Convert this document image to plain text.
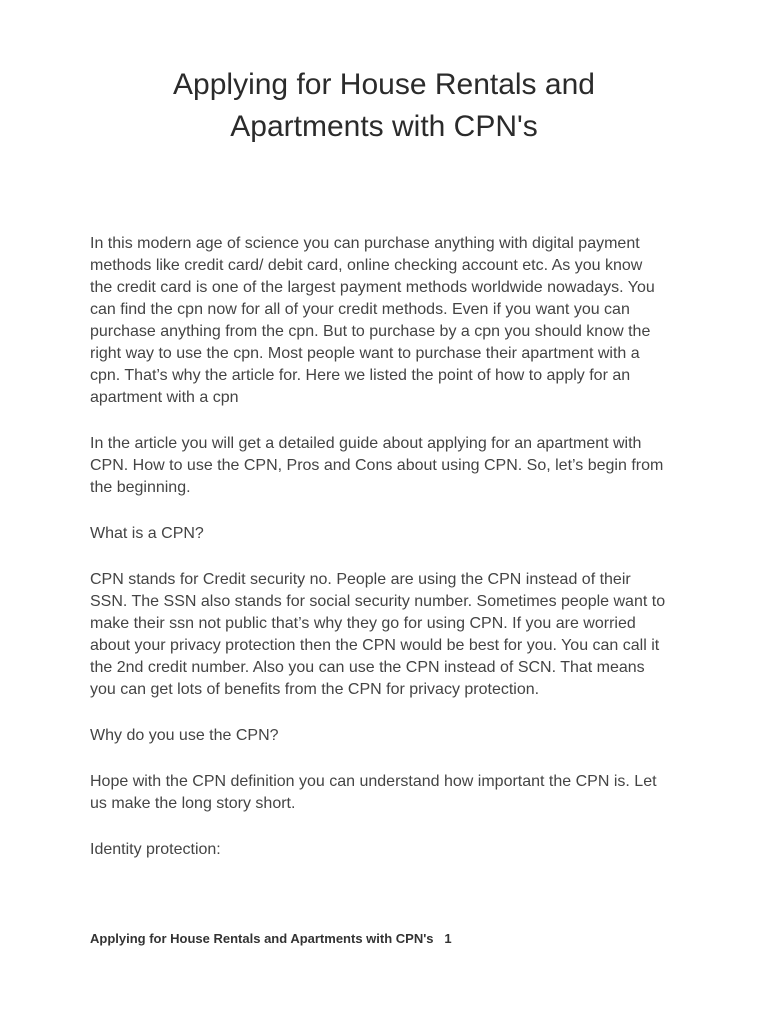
Applying for House Rentals and
Apartments with CPN's

In this modern age of science you can purchase anything with digital payment
methods like credit card/ debit card, online checking account etc. As you know
the credit card is one of the largest payment methods worldwide nowadays. You
can find the cpn now for all of your credit methods. Even if you want you can
purchase anything from the cpn. But to purchase by a cpn you should know the
right way to use the cpn. Most people want to purchase their apartment with a
cpn. That’s why the article for. Here we listed the point of how to apply for an
apartment with a cpn

In the article you will get a detailed guide about applying for an apartment with
CPN. How to use the CPN, Pros and Cons about using CPN. So, let’s begin from
the beginning.

What is a CPN?

CPN stands for Credit security no. People are using the CPN instead of their
SSN. The SSN also stands for social security number. Sometimes people want to
make their ssn not public that’s why they go for using CPN. If you are worried
about your privacy protection then the CPN would be best for you. You can call it
the 2nd credit number. Also you can use the CPN instead of SCN. That means
you can get lots of benefits from the CPN for privacy protection.

Why do you use the CPN?

Hope with the CPN definition you can understand how important the CPN is. Let
us make the long story short.

Identity protection:

Applying for House Rentals and Apartments with CPN's 1
